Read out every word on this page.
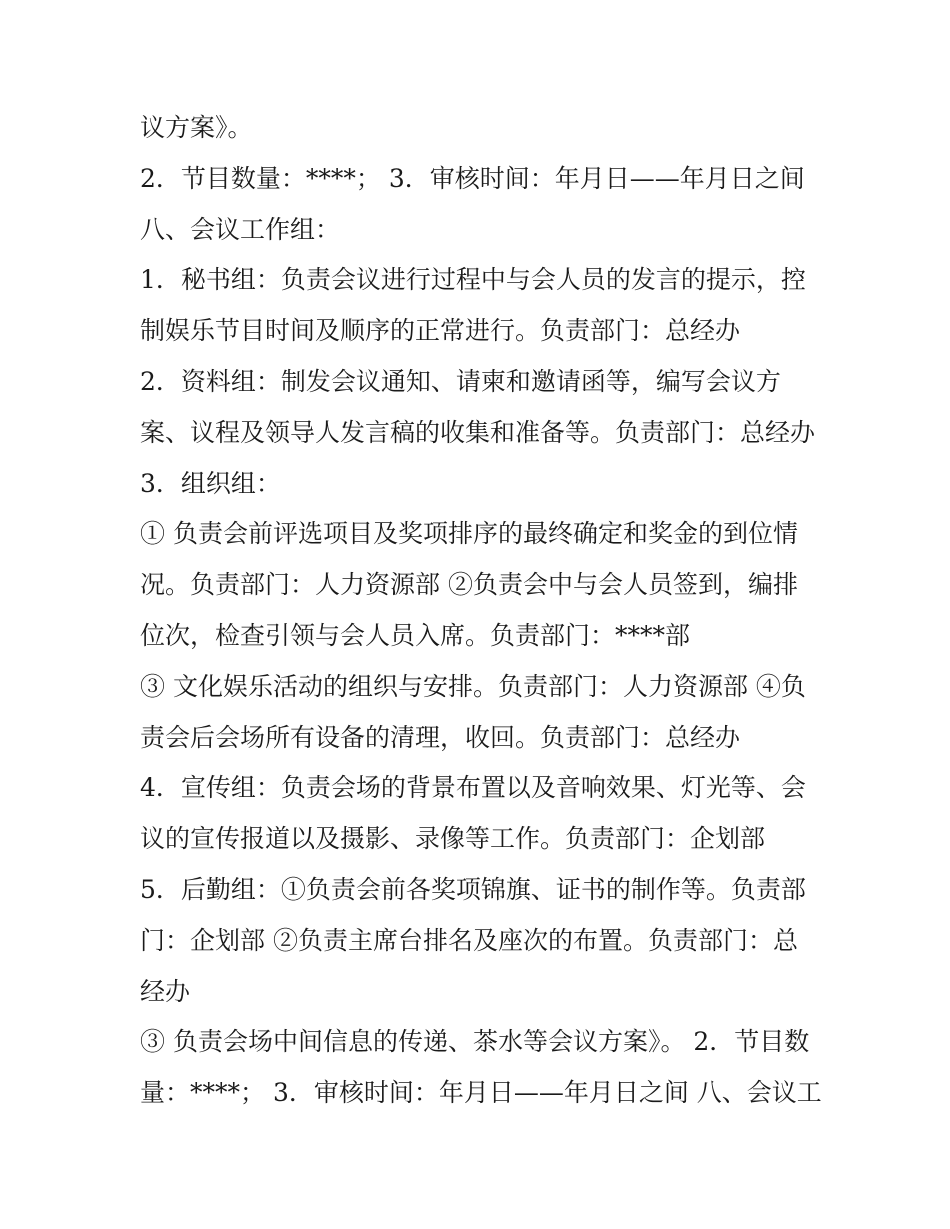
议方案》。
2．节目数量：****； 3．审核时间：年月日——年月日之间
八、会议工作组：
1．秘书组：负责会议进行过程中与会人员的发言的提示，控
制娱乐节目时间及顺序的正常进行。负责部门：总经办
2．资料组：制发会议通知、请柬和邀请函等，编写会议方
案、议程及领导人发言稿的收集和准备等。负责部门：总经办
3．组织组：
① 负责会前评选项目及奖项排序的最终确定和奖金的到位情
况。负责部门：人力资源部 ②负责会中与会人员签到，编排
位次，检查引领与会人员入席。负责部门：****部
③ 文化娱乐活动的组织与安排。负责部门：人力资源部 ④负
责会后会场所有设备的清理，收回。负责部门：总经办
4．宣传组：负责会场的背景布置以及音响效果、灯光等、会
议的宣传报道以及摄影、录像等工作。负责部门：企划部
5．后勤组：①负责会前各奖项锦旗、证书的制作等。负责部
门：企划部 ②负责主席台排名及座次的布置。负责部门：总
经办
③ 负责会场中间信息的传递、茶水等会议方案》。 2．节目数
量：****； 3．审核时间：年月日——年月日之间 八、会议工
